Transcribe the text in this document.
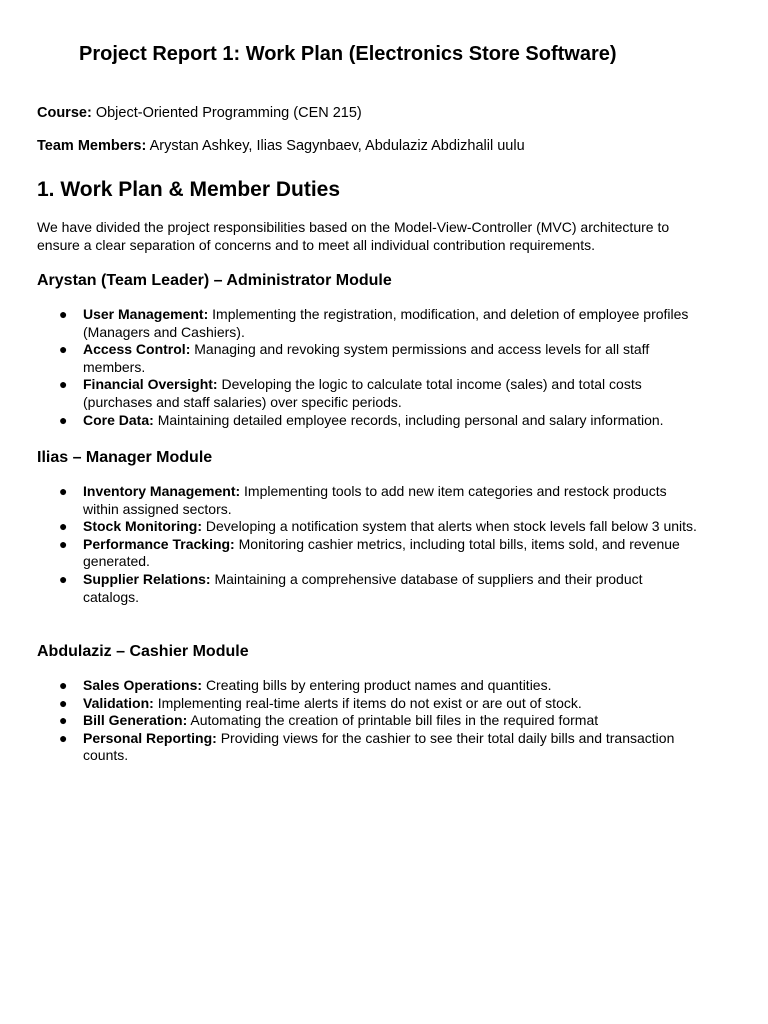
Project Report 1: Work Plan (Electronics Store Software)

Course: Object-Oriented Programming (CEN 215)

Team Members: Arystan Ashkey, Ilias Sagynbaev, Abdulaziz Abdizhalil uulu

1. Work Plan & Member Duties

We have divided the project responsibilities based on the Model-View-Controller (MVC) architecture to ensure a clear separation of concerns and to meet all individual contribution requirements.

Arystan (Team Leader) – Administrator Module
● User Management: Implementing the registration, modification, and deletion of employee profiles (Managers and Cashiers).
● Access Control: Managing and revoking system permissions and access levels for all staff members.
● Financial Oversight: Developing the logic to calculate total income (sales) and total costs (purchases and staff salaries) over specific periods.
● Core Data: Maintaining detailed employee records, including personal and salary information.
Ilias – Manager Module
● Inventory Management: Implementing tools to add new item categories and restock products within assigned sectors.
● Stock Monitoring: Developing a notification system that alerts when stock levels fall below 3 units.
● Performance Tracking: Monitoring cashier metrics, including total bills, items sold, and revenue generated.
● Supplier Relations: Maintaining a comprehensive database of suppliers and their product catalogs.
Abdulaziz – Cashier Module
● Sales Operations: Creating bills by entering product names and quantities.
● Validation: Implementing real-time alerts if items do not exist or are out of stock.
● Bill Generation: Automating the creation of printable bill files in the required format
● Personal Reporting: Providing views for the cashier to see their total daily bills and transaction counts.
